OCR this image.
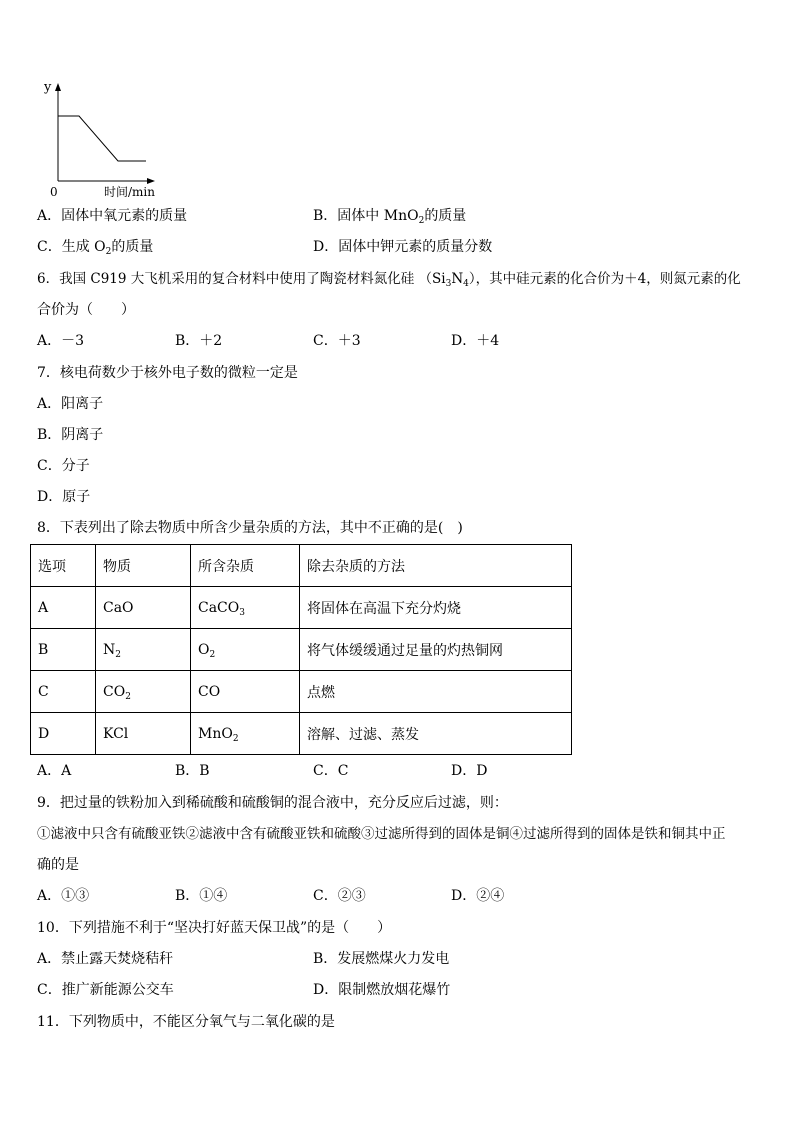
y
0	时间/min
A．固体中氧元素的质量	B．固体中 MnO$_2$的质量
C．生成 $O_2$的质量	D．固体中钾元素的质量分数
6．我国 C919 大飞机采用的复合材料中使用了陶瓷材料氮化硅 $(Si_3N_4)$，其中硅元素的化合价为＋4，则氮元素的化
合价为（　　）
A．－3	B．＋2	C．＋3	D．＋4
7．核电荷数少于核外电子数的微粒一定是
A．阳离子
B．阴离子
C．分子
D．原子
8．下表列出了除去物质中所含少量杂质的方法，其中不正确的是(　)
选项	物质	所含杂质	除去杂质的方法
A	CaO	CaCO$_3$	将固体在高温下充分灼烧
B	$N_2$	$O_2$	将气体缓缓通过足量的灼热铜网
C	$CO_2$	CO	点燃
D	KCl	MnO$_2$	溶解、过滤、蒸发
A．A	B．B	C．C	D．D
9．把过量的铁粉加入到稀硫酸和硫酸铜的混合液中，充分反应后过滤，则：
①滤液中只含有硫酸亚铁②滤液中含有硫酸亚铁和硫酸③过滤所得到的固体是铜④过滤所得到的固体是铁和铜其中正
确的是
A．①③	B．①④	C．②③	D．②④
10．下列措施不利于“坚决打好蓝天保卫战”的是（　　）
A．禁止露天焚烧秸秆	B．发展燃煤火力发电
C．推广新能源公交车	D．限制燃放烟花爆竹
11．下列物质中，不能区分氧气与二氧化碳的是
